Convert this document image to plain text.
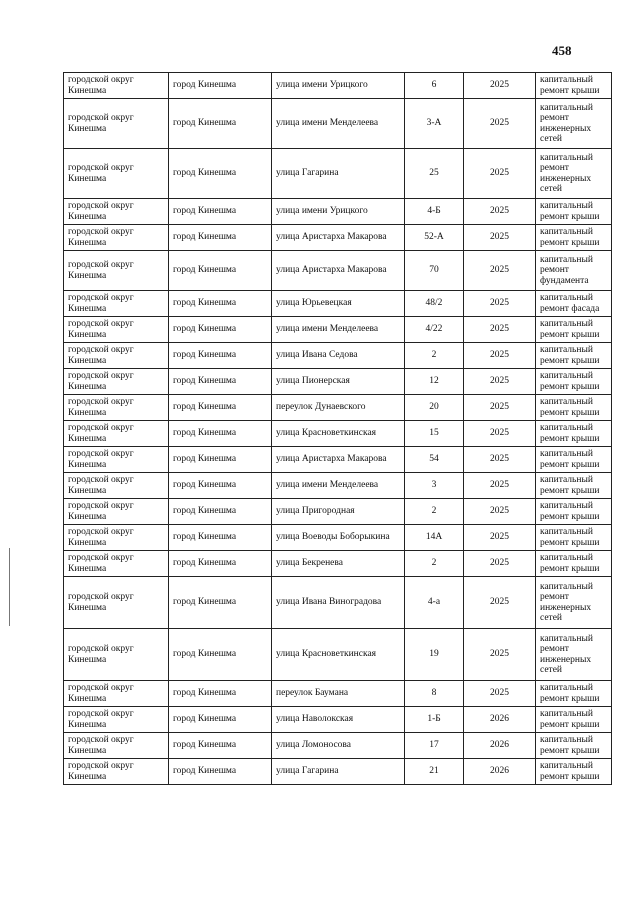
458
городской округ Кинешма	город Кинешма	улица имени Урицкого	6	2025	капитальный ремонт крыши
городской округ Кинешма	город Кинешма	улица имени Менделеева	3-А	2025	капитальный ремонт инженерных сетей
городской округ Кинешма	город Кинешма	улица Гагарина	25	2025	капитальный ремонт инженерных сетей
городской округ Кинешма	город Кинешма	улица имени Урицкого	4-Б	2025	капитальный ремонт крыши
городской округ Кинешма	город Кинешма	улица Аристарха Макарова	52-А	2025	капитальный ремонт крыши
городской округ Кинешма	город Кинешма	улица Аристарха Макарова	70	2025	капитальный ремонт фундамента
городской округ Кинешма	город Кинешма	улица Юрьевецкая	48/2	2025	капитальный ремонт фасада
городской округ Кинешма	город Кинешма	улица имени Менделеева	4/22	2025	капитальный ремонт крыши
городской округ Кинешма	город Кинешма	улица Ивана Седова	2	2025	капитальный ремонт крыши
городской округ Кинешма	город Кинешма	улица Пионерская	12	2025	капитальный ремонт крыши
городской округ Кинешма	город Кинешма	переулок Дунаевского	20	2025	капитальный ремонт крыши
городской округ Кинешма	город Кинешма	улица Красноветкинская	15	2025	капитальный ремонт крыши
городской округ Кинешма	город Кинешма	улица Аристарха Макарова	54	2025	капитальный ремонт крыши
городской округ Кинешма	город Кинешма	улица имени Менделеева	3	2025	капитальный ремонт крыши
городской округ Кинешма	город Кинешма	улица Пригородная	2	2025	капитальный ремонт крыши
городской округ Кинешма	город Кинешма	улица Воеводы Боборыкина	14А	2025	капитальный ремонт крыши
городской округ Кинешма	город Кинешма	улица Бекренева	2	2025	капитальный ремонт крыши
городской округ Кинешма	город Кинешма	улица Ивана Виноградова	4-а	2025	капитальный ремонт инженерных сетей
городской округ Кинешма	город Кинешма	улица Красноветкинская	19	2025	капитальный ремонт инженерных сетей
городской округ Кинешма	город Кинешма	переулок Баумана	8	2025	капитальный ремонт крыши
городской округ Кинешма	город Кинешма	улица Наволокская	1-Б	2026	капитальный ремонт крыши
городской округ Кинешма	город Кинешма	улица Ломоносова	17	2026	капитальный ремонт крыши
городской округ Кинешма	город Кинешма	улица Гагарина	21	2026	капитальный ремонт крыши
